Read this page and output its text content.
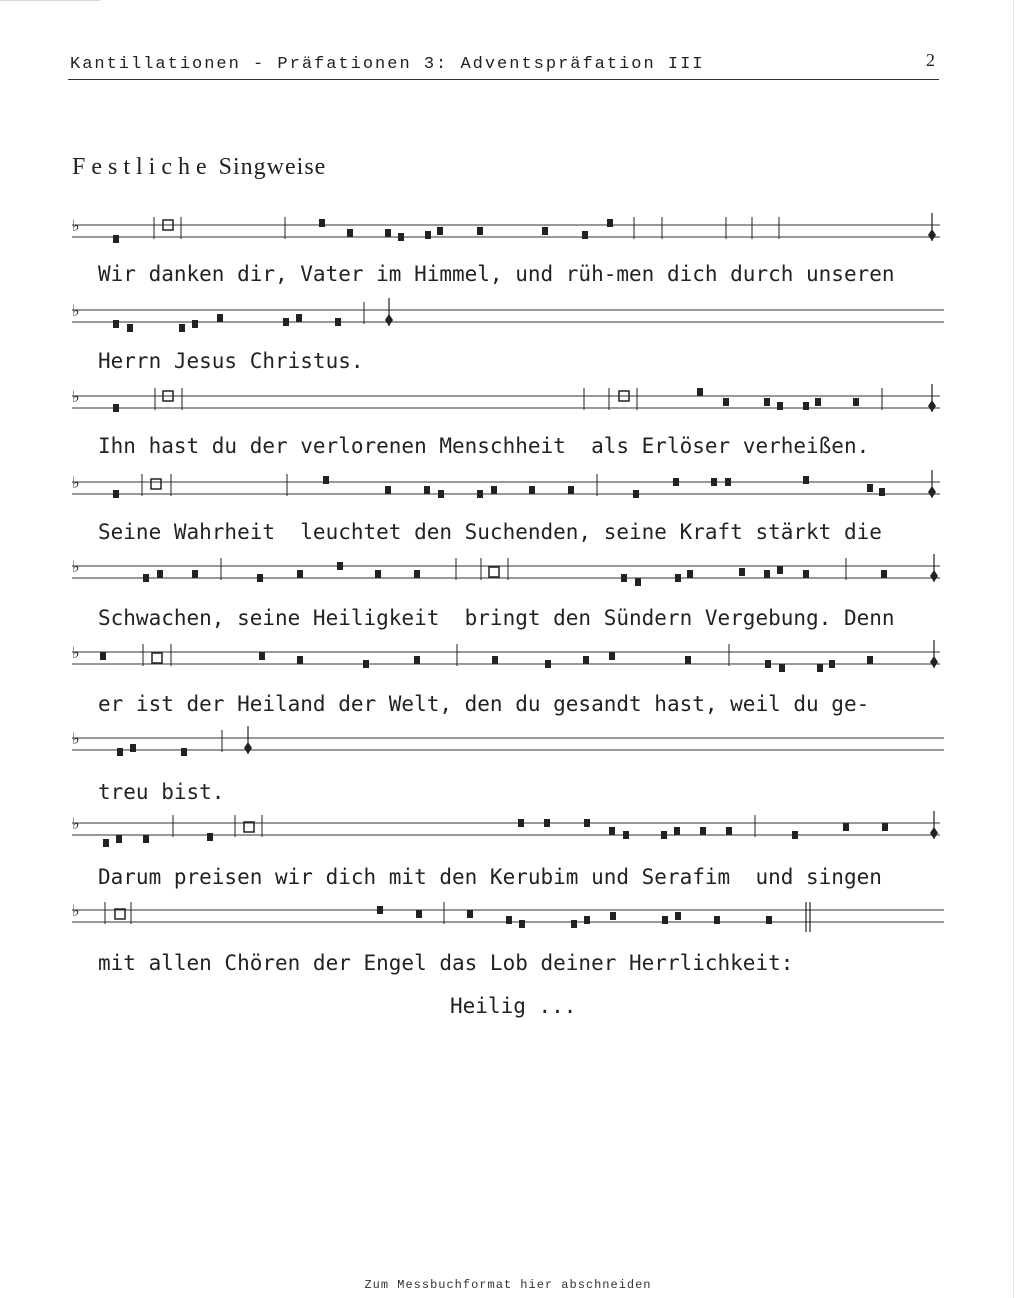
Kantillationen - Präfationen 3: Adventspräfation III	2
Festliche Singweise
♭
♭
♭
♭
♭
♭
♭
♭
♭
Wir danken dir, Vater im Himmel, und rüh-men dich durch unseren
Herrn Jesus Christus.
Ihn hast du der verlorenen Menschheit  als Erlöser verheißen.
Seine Wahrheit  leuchtet den Suchenden, seine Kraft stärkt die
Schwachen, seine Heiligkeit  bringt den Sündern Vergebung. Denn
er ist der Heiland der Welt, den du gesandt hast, weil du ge-
treu bist.
Darum preisen wir dich mit den Kerubim und Serafim  und singen
mit allen Chören der Engel das Lob deiner Herrlichkeit:
Heilig ...
Zum Messbuchformat hier abschneiden
